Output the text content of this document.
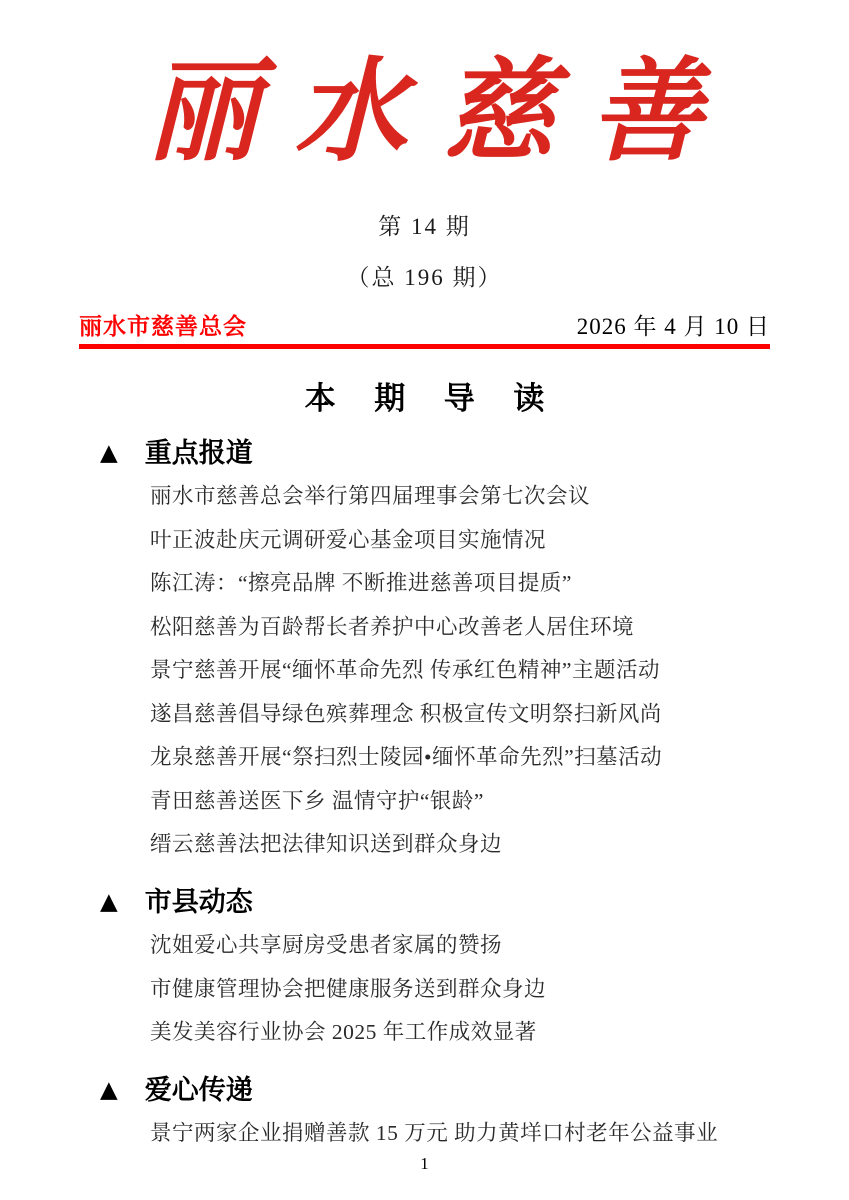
丽水慈善
第 14 期
（总 196 期）
丽水市慈善总会	2026 年 4 月 10 日
本 期 导 读
▲ 重点报道
丽水市慈善总会举行第四届理事会第七次会议
叶正波赴庆元调研爱心基金项目实施情况
陈江涛：“擦亮品牌 不断推进慈善项目提质”
松阳慈善为百龄帮长者养护中心改善老人居住环境
景宁慈善开展“缅怀革命先烈 传承红色精神”主题活动
遂昌慈善倡导绿色殡葬理念 积极宣传文明祭扫新风尚
龙泉慈善开展“祭扫烈士陵园•缅怀革命先烈”扫墓活动
青田慈善送医下乡 温情守护“银龄”
缙云慈善法把法律知识送到群众身边
▲ 市县动态
沈姐爱心共享厨房受患者家属的赞扬
市健康管理协会把健康服务送到群众身边
美发美容行业协会 2025 年工作成效显著
▲ 爱心传递
景宁两家企业捐赠善款 15 万元 助力黄垟口村老年公益事业
1
